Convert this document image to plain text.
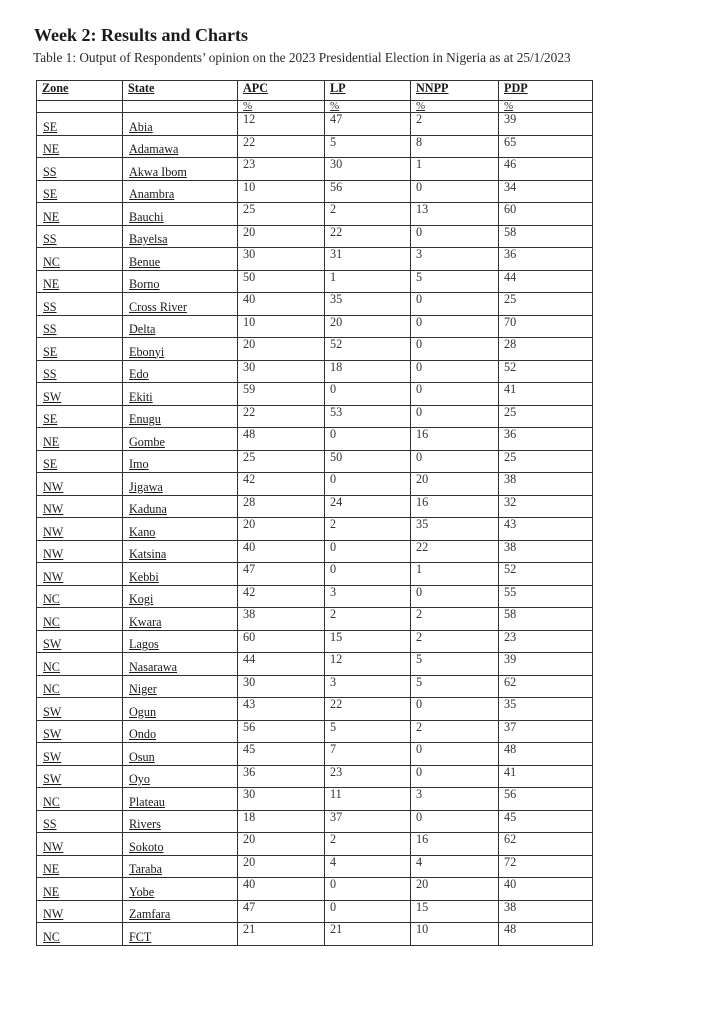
Week 2: Results and Charts
Table 1: Output of Respondents’ opinion on the 2023 Presidential Election in Nigeria as at 25/1/2023
Zone	State	APC	LP	NNPP	PDP
		%	%	%	%
SE	Abia	12	47	2	39
NE	Adamawa	22	5	8	65
SS	Akwa Ibom	23	30	1	46
SE	Anambra	10	56	0	34
NE	Bauchi	25	2	13	60
SS	Bayelsa	20	22	0	58
NC	Benue	30	31	3	36
NE	Borno	50	1	5	44
SS	Cross River	40	35	0	25
SS	Delta	10	20	0	70
SE	Ebonyi	20	52	0	28
SS	Edo	30	18	0	52
SW	Ekiti	59	0	0	41
SE	Enugu	22	53	0	25
NE	Gombe	48	0	16	36
SE	Imo	25	50	0	25
NW	Jigawa	42	0	20	38
NW	Kaduna	28	24	16	32
NW	Kano	20	2	35	43
NW	Katsina	40	0	22	38
NW	Kebbi	47	0	1	52
NC	Kogi	42	3	0	55
NC	Kwara	38	2	2	58
SW	Lagos	60	15	2	23
NC	Nasarawa	44	12	5	39
NC	Niger	30	3	5	62
SW	Ogun	43	22	0	35
SW	Ondo	56	5	2	37
SW	Osun	45	7	0	48
SW	Oyo	36	23	0	41
NC	Plateau	30	11	3	56
SS	Rivers	18	37	0	45
NW	Sokoto	20	2	16	62
NE	Taraba	20	4	4	72
NE	Yobe	40	0	20	40
NW	Zamfara	47	0	15	38
NC	FCT	21	21	10	48
